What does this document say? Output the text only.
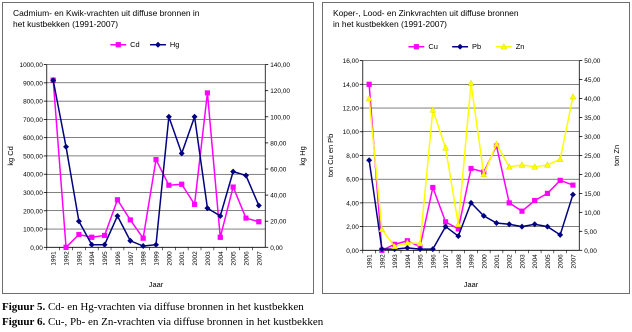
Cadmium- en Kwik-vrachten uit diffuse bronnen in
het kustbekken (1991-2007)
0,00
100,00
200,00
300,00
400,00
500,00
600,00
700,00
800,00
900,00
1000,00
0,00
20,00
40,00
60,00
80,00
100,00
120,00
140,00
1991 1992 1993 1994 1995 1996 1997 1998 1999 2000 2001 2002 2003 2004 2005 2006 2007
Jaar
kg Cd	kg Hg
Cd	Hg
Koper-, Lood- en Zinkvrachten uit diffuse bronnen
in het kustbekken (1991-2007)
0,00
2,00
4,00
6,00
8,00
10,00
12,00
14,00
16,00
0,00
5,00
10,00
15,00
20,00
25,00
30,00
35,00
40,00
45,00
50,00
1991 1992 1993 1994 1995 1996 1997 1998 1999 2000 2001 2002 2003 2004 2005 2006 2007
Jaar
ton Cu en Pb	ton Zn
Cu	Pb	Zn
Figuur 5. Cd- en Hg-vrachten via diffuse bronnen in het kustbekken
Figuur 6. Cu-, Pb- en Zn-vrachten via diffuse bronnen in het kustbekken
